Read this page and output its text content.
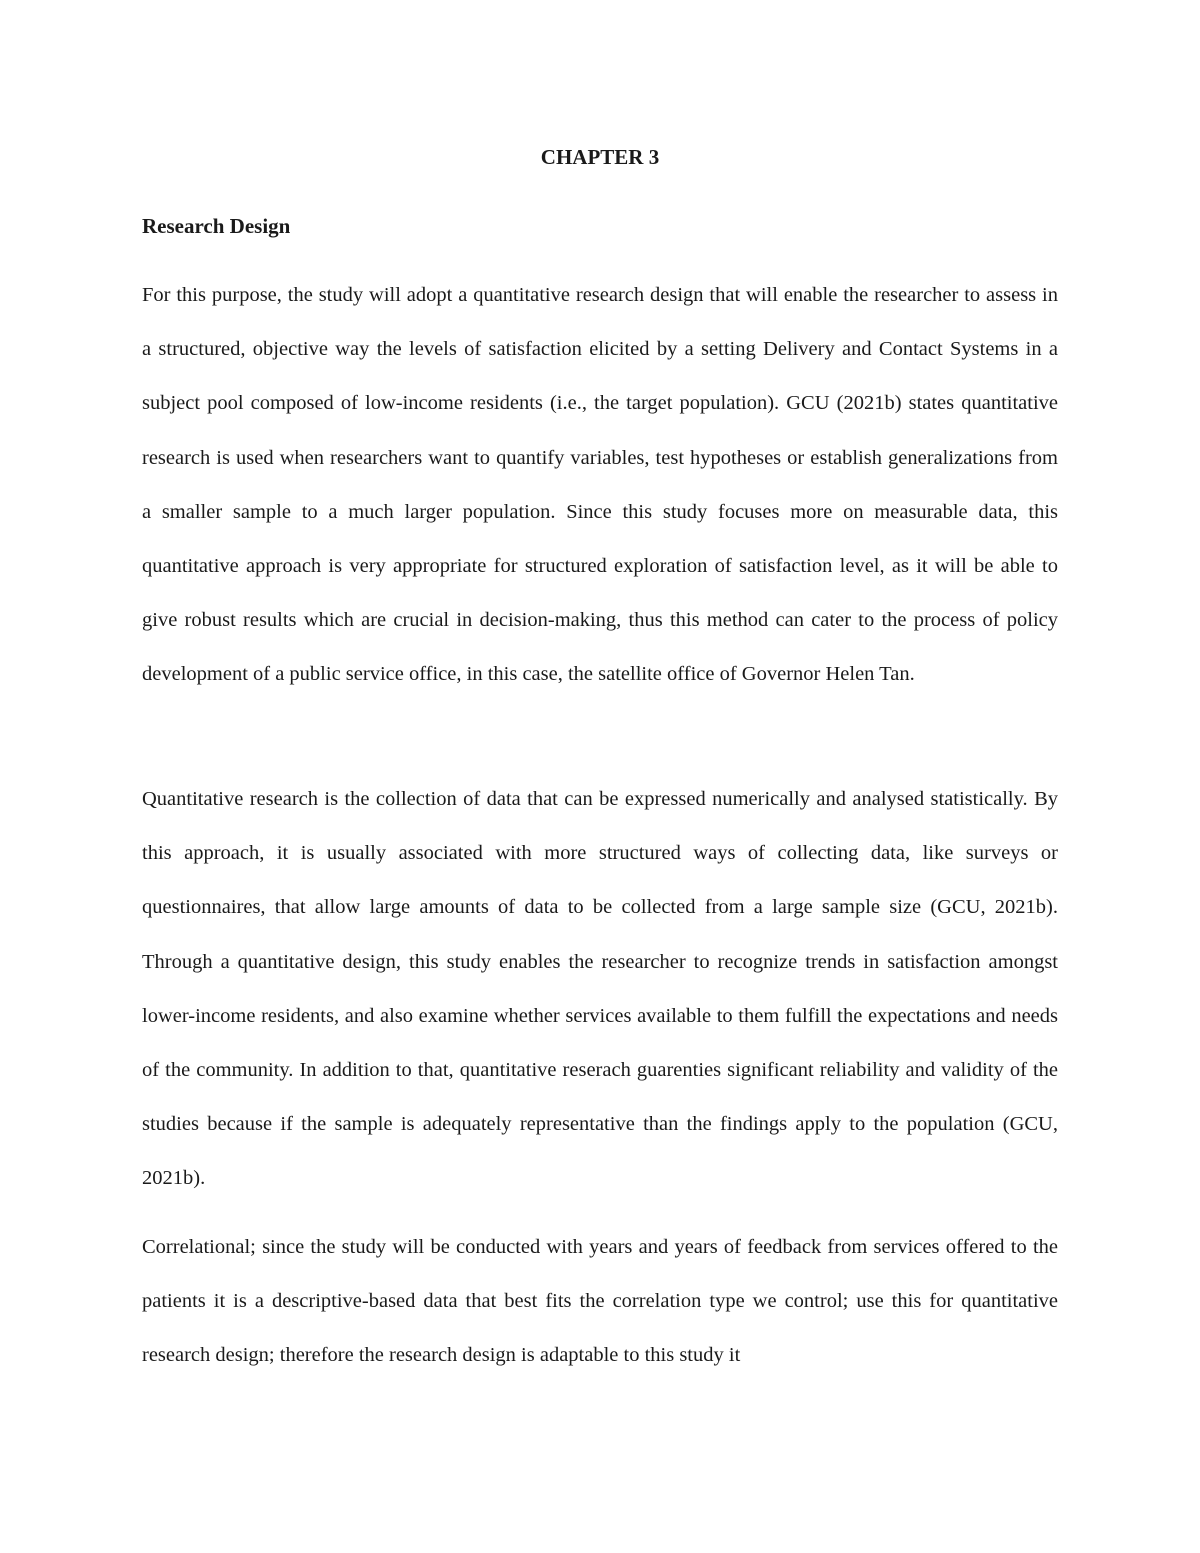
CHAPTER 3
Research Design

For this purpose, the study will adopt a quantitative research design that will enable the researcher to assess in a structured, objective way the levels of satisfaction elicited by a setting Delivery and Contact Systems in a subject pool composed of low-income residents (i.e., the target population). GCU (2021b) states quantitative research is used when researchers want to quantify variables, test hypotheses or establish generalizations from a smaller sample to a much larger population. Since this study focuses more on measurable data, this quantitative approach is very appropriate for structured exploration of satisfaction level, as it will be able to give robust results which are crucial in decision-making, thus this method can cater to the process of policy development of a public service office, in this case, the satellite office of Governor Helen Tan.

Quantitative research is the collection of data that can be expressed numerically and analysed statistically. By this approach, it is usually associated with more structured ways of collecting data, like surveys or questionnaires, that allow large amounts of data to be collected from a large sample size (GCU, 2021b). Through a quantitative design, this study enables the researcher to recognize trends in satisfaction amongst lower-income residents, and also examine whether services available to them fulfill the expectations and needs of the community. In addition to that, quantitative reserach guarenties significant reliability and validity of the studies because if the sample is adequately representative than the findings apply to the population (GCU, 2021b).

Correlational; since the study will be conducted with years and years of feedback from services offered to the patients it is a descriptive-based data that best fits the correlation type we control; use this for quantitative research design; therefore the research design is adaptable to this study it
